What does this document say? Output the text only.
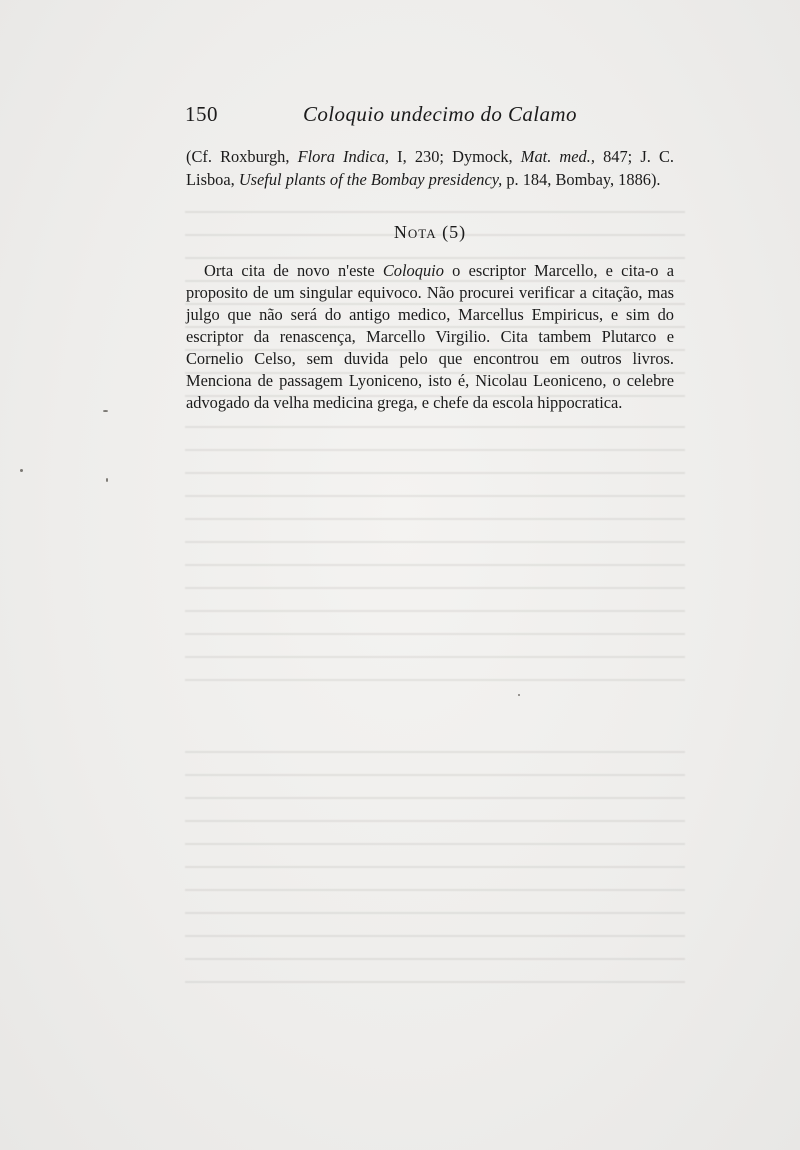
150	Coloquio undecimo do Calamo

(Cf. Roxburgh, Flora Indica, I, 230; Dymock, Mat. med., 847; J. C. Lisboa, Useful plants of the Bombay presidency, p. 184, Bombay, 1886).

Nota (5)

Orta cita de novo n'este Coloquio o escriptor Marcello, e cita-o a proposito de um singular equivoco. Não procurei verificar a citação, mas julgo que não será do antigo medico, Marcellus Empiricus, e sim do escriptor da renascença, Marcello Virgilio. Cita tambem Plutarco e Cornelio Celso, sem duvida pelo que encontrou em outros livros. Menciona de passagem Lyoniceno, isto é, Nicolau Leoniceno, o celebre advogado da velha medicina grega, e chefe da escola hippocratica.
